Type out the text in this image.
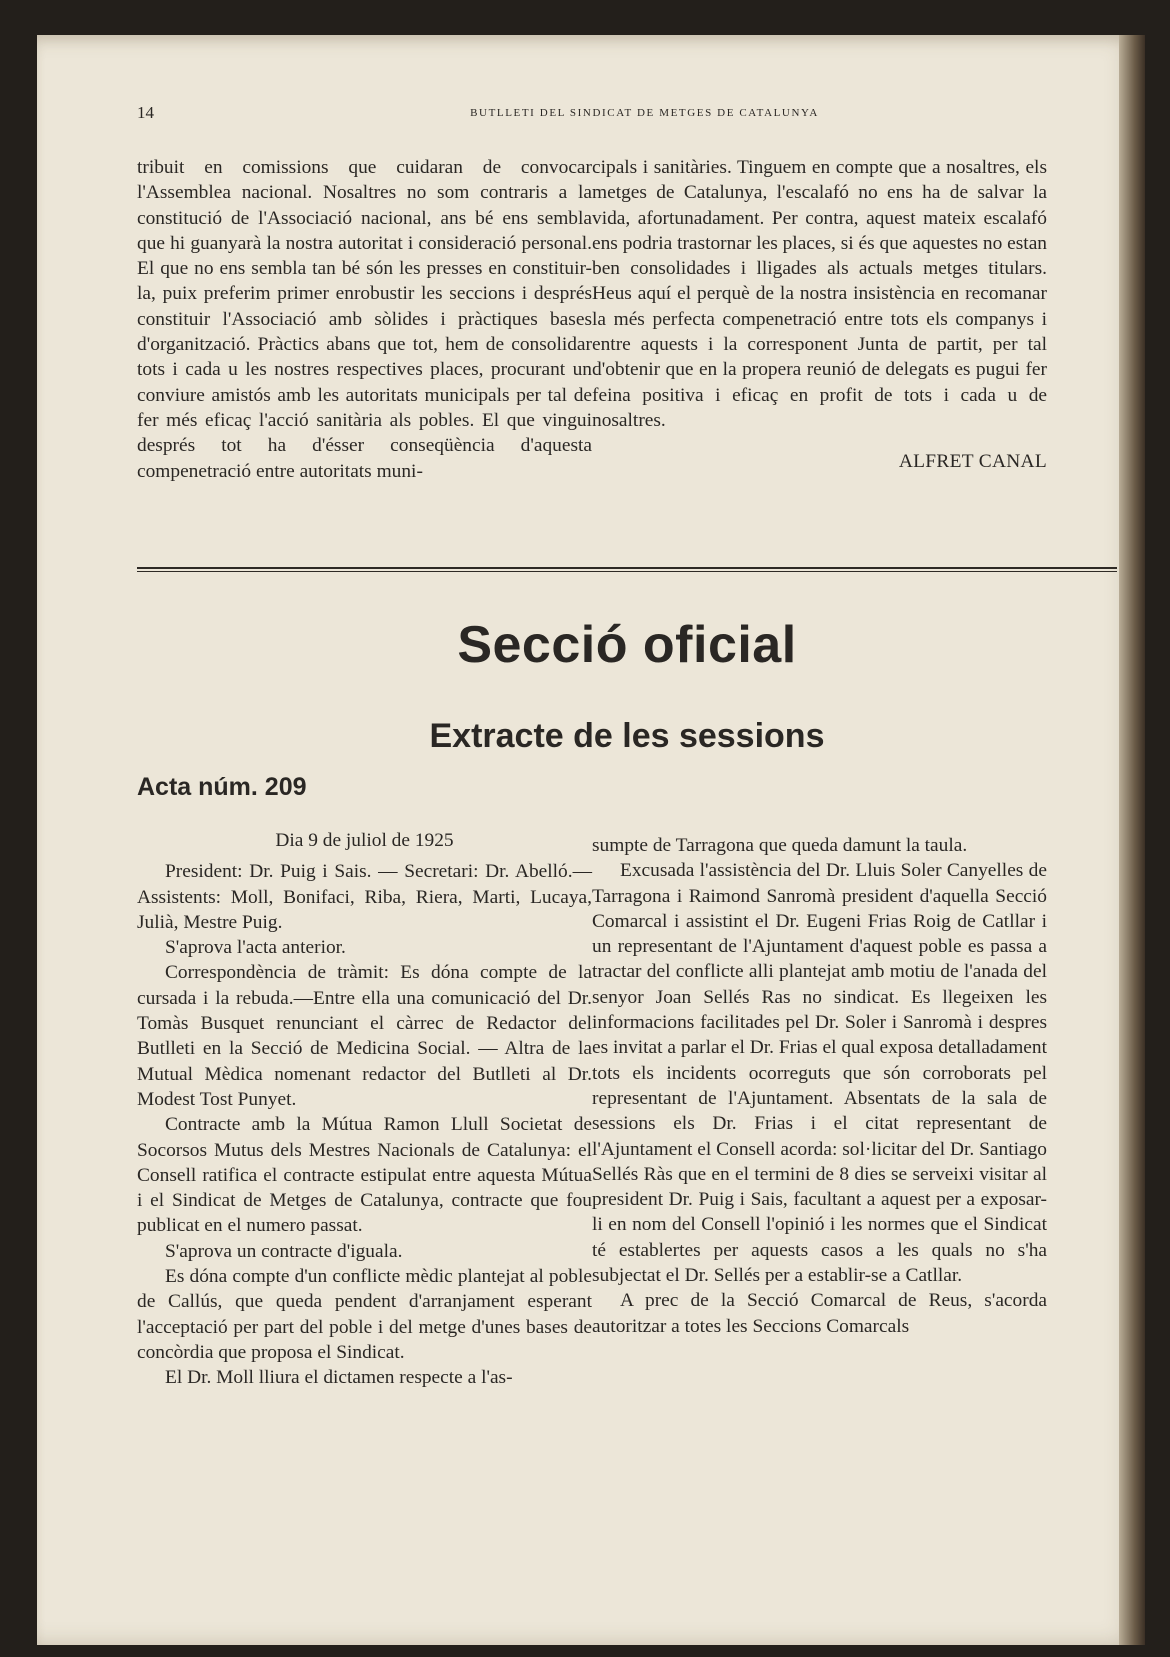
14	BUTLLETI DEL SINDICAT DE METGES DE CATALUNYA

tribuit en comissions que cuidaran de convocar l'Assemblea nacional. Nosaltres no som contraris a la constitució de l'Associació nacional, ans bé ens sembla que hi guanyarà la nostra autoritat i consideració personal. El que no ens sembla tan bé són les presses en constituir-la, puix preferim primer enrobustir les seccions i després constituir l'Associació amb sòlides i pràctiques bases d'organització. Pràctics abans que tot, hem de consolidar tots i cada u les nostres respectives places, procurant un conviure amistós amb les autoritats municipals per tal de fer més eficaç l'acció sanitària als pobles. El que vingui després tot ha d'ésser conseqüència d'aquesta compenetració entre autoritats muni-

cipals i sanitàries. Tinguem en compte que a nosaltres, els metges de Catalunya, l'escalafó no ens ha de salvar la vida, afortunadament. Per contra, aquest mateix escalafó ens podria trastornar les places, si és que aquestes no estan ben consolidades i lligades als actuals metges titulars. Heus aquí el perquè de la nostra insistència en recomanar la més perfecta compenetració entre tots els companys i entre aquests i la corresponent Junta de partit, per tal d'obtenir que en la propera reunió de delegats es pugui fer feina positiva i eficaç en profit de tots i cada u de nosaltres.

ALFRET CANAL

Secció oficial
Extracte de les sessions
Acta núm. 209

Dia 9 de juliol de 1925

President: Dr. Puig i Sais. — Secretari: Dr. Abelló.—Assistents: Moll, Bonifaci, Riba, Riera, Marti, Lucaya, Julià, Mestre Puig.

S'aprova l'acta anterior.

Correspondència de tràmit: Es dóna compte de la cursada i la rebuda.—Entre ella una comunicació del Dr. Tomàs Busquet renunciant el càrrec de Redactor del Butlleti en la Secció de Medicina Social. — Altra de la Mutual Mèdica nomenant redactor del Butlleti al Dr. Modest Tost Punyet.

Contracte amb la Mútua Ramon Llull Societat de Socorsos Mutus dels Mestres Nacionals de Catalunya: el Consell ratifica el contracte estipulat entre aquesta Mútua i el Sindicat de Metges de Catalunya, contracte que fou publicat en el numero passat.

S'aprova un contracte d'iguala.

Es dóna compte d'un conflicte mèdic plantejat al poble de Callús, que queda pendent d'arranjament esperant l'acceptació per part del poble i del metge d'unes bases de concòrdia que proposa el Sindicat.

El Dr. Moll lliura el dictamen respecte a l'as-

sumpte de Tarragona que queda damunt la taula.

Excusada l'assistència del Dr. Lluis Soler Canyelles de Tarragona i Raimond Sanromà president d'aquella Secció Comarcal i assistint el Dr. Eugeni Frias Roig de Catllar i un representant de l'Ajuntament d'aquest poble es passa a tractar del conflicte alli plantejat amb motiu de l'anada del senyor Joan Sellés Ras no sindicat. Es llegeixen les informacions facilitades pel Dr. Soler i Sanromà i despres es invitat a parlar el Dr. Frias el qual exposa detalladament tots els incidents ocorreguts que són corroborats pel representant de l'Ajuntament. Absentats de la sala de sessions els Dr. Frias i el citat representant de l'Ajuntament el Consell acorda: sol·licitar del Dr. Santiago Sellés Ràs que en el termini de 8 dies se serveixi visitar al president Dr. Puig i Sais, facultant a aquest per a exposar-li en nom del Consell l'opinió i les normes que el Sindicat té establertes per aquests casos a les quals no s'ha subjectat el Dr. Sellés per a establir-se a Catllar.

A prec de la Secció Comarcal de Reus, s'acorda autoritzar a totes les Seccions Comarcals
